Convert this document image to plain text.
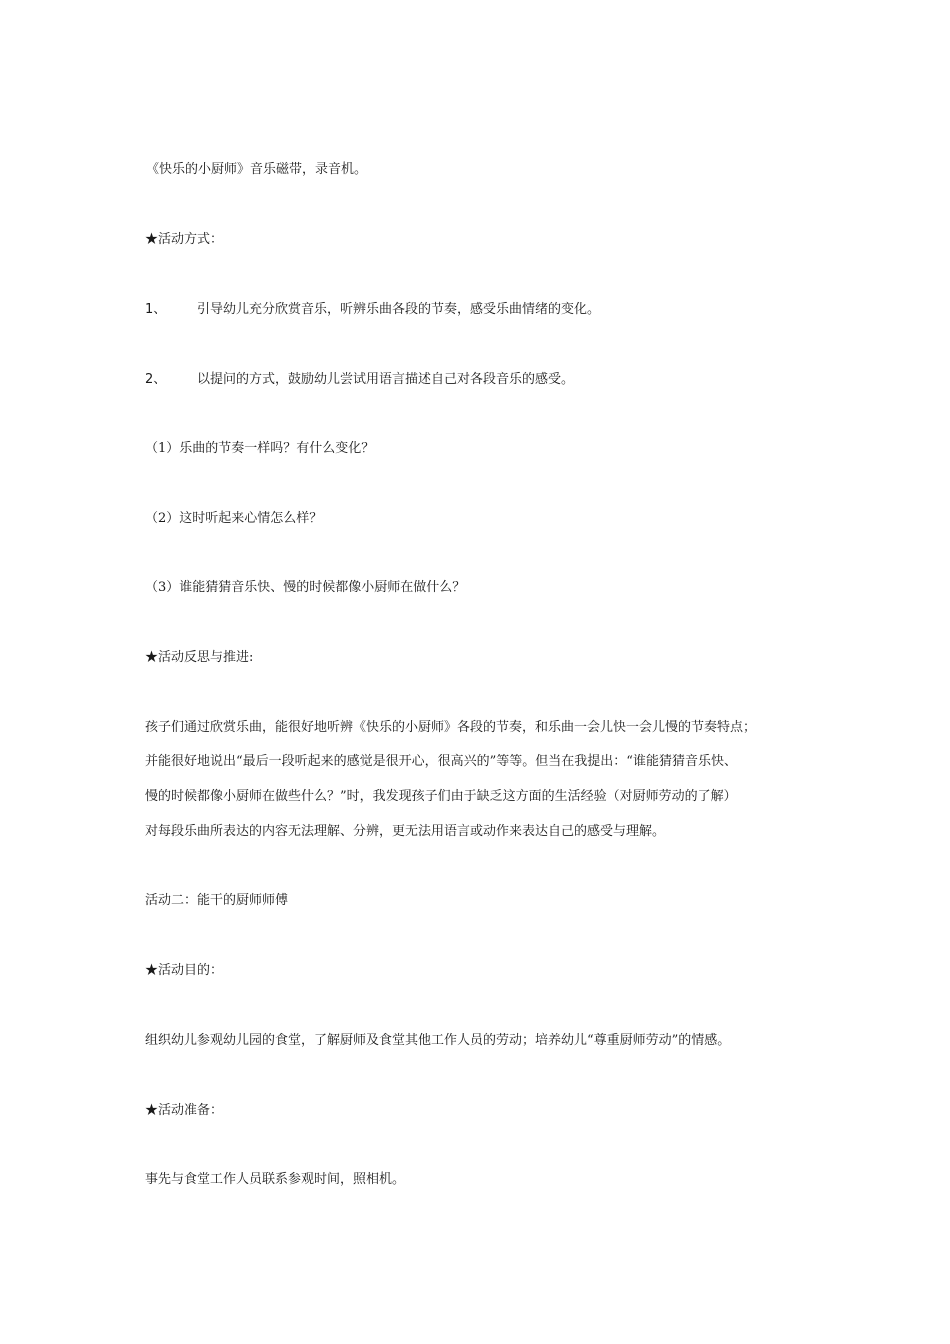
《快乐的小厨师》音乐磁带，录音机。
★活动方式：
1、 引导幼儿充分欣赏音乐，听辨乐曲各段的节奏，感受乐曲情绪的变化。
2、 以提问的方式，鼓励幼儿尝试用语言描述自己对各段音乐的感受。
（1）乐曲的节奏一样吗？有什么变化？
（2）这时听起来心情怎么样？
（3）谁能猜猜音乐快、慢的时候都像小厨师在做什么？
★活动反思与推进:
孩子们通过欣赏乐曲，能很好地听辨《快乐的小厨师》各段的节奏，和乐曲一会儿快一会儿慢的节奏特点；
并能很好地说出“最后一段听起来的感觉是很开心，很高兴的”等等。但当在我提出：“谁能猜猜音乐快、
慢的时候都像小厨师在做些什么？”时，我发现孩子们由于缺乏这方面的生活经验（对厨师劳动的了解）
对每段乐曲所表达的内容无法理解、分辨，更无法用语言或动作来表达自己的感受与理解。
活动二：能干的厨师师傅
★活动目的：
组织幼儿参观幼儿园的食堂，了解厨师及食堂其他工作人员的劳动；培养幼儿“尊重厨师劳动”的情感。
★活动准备：
事先与食堂工作人员联系参观时间，照相机。
